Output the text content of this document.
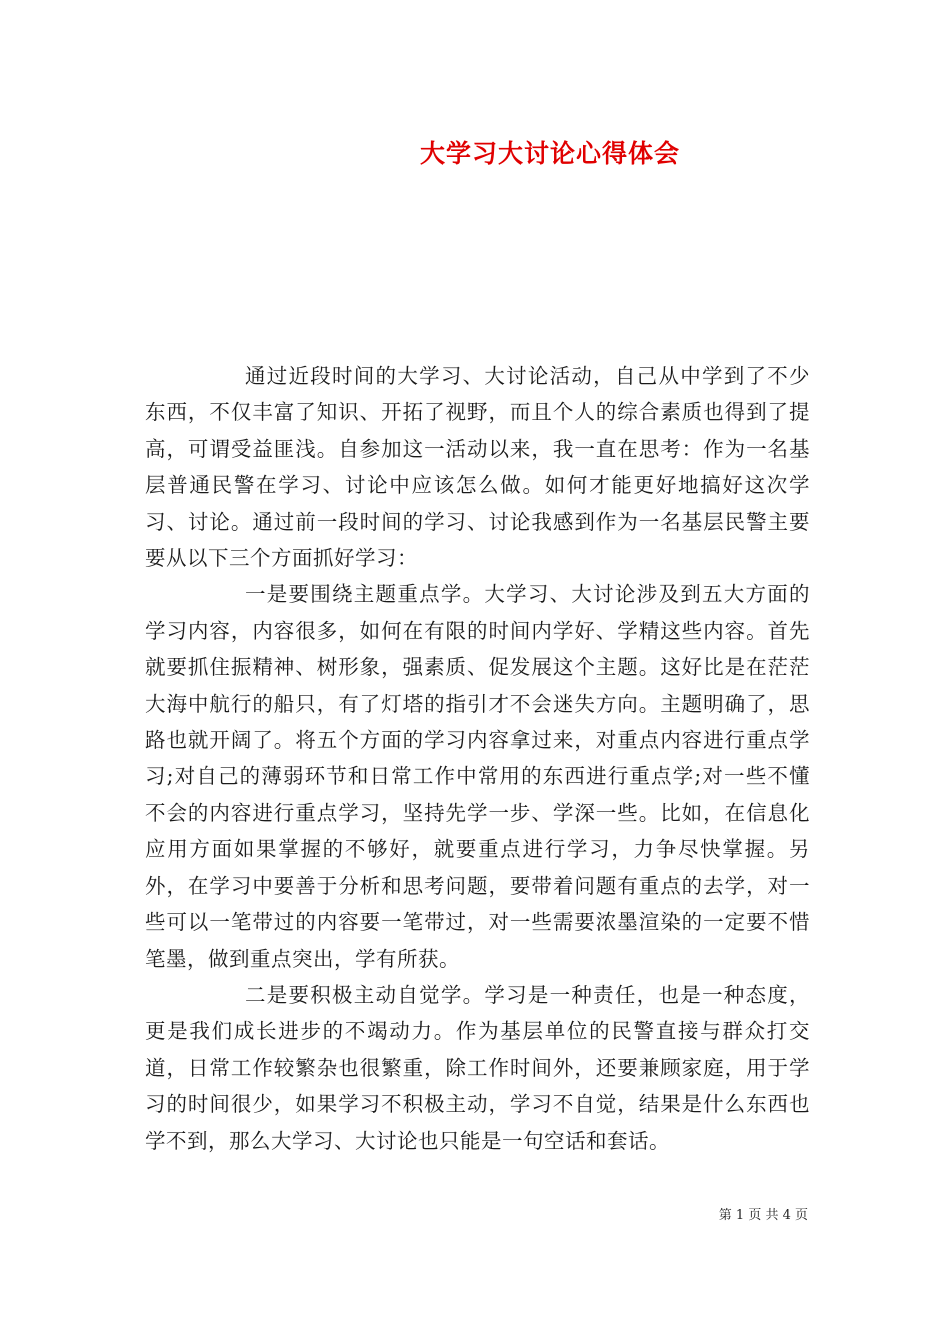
大学习大讨论心得体会

通过近段时间的大学习、大讨论活动，自己从中学到了不少东西，不仅丰富了知识、开拓了视野，而且个人的综合素质也得到了提高，可谓受益匪浅。自参加这一活动以来，我一直在思考：作为一名基层普通民警在学习、讨论中应该怎么做。如何才能更好地搞好这次学习、讨论。通过前一段时间的学习、讨论我感到作为一名基层民警主要要从以下三个方面抓好学习：

一是要围绕主题重点学。大学习、大讨论涉及到五大方面的学习内容，内容很多，如何在有限的时间内学好、学精这些内容。首先就要抓住振精神、树形象，强素质、促发展这个主题。这好比是在茫茫大海中航行的船只，有了灯塔的指引才不会迷失方向。主题明确了，思路也就开阔了。将五个方面的学习内容拿过来，对重点内容进行重点学习;对自己的薄弱环节和日常工作中常用的东西进行重点学;对一些不懂不会的内容进行重点学习，坚持先学一步、学深一些。比如，在信息化应用方面如果掌握的不够好，就要重点进行学习，力争尽快掌握。另外，在学习中要善于分析和思考问题，要带着问题有重点的去学，对一些可以一笔带过的内容要一笔带过，对一些需要浓墨渲染的一定要不惜笔墨，做到重点突出，学有所获。

二是要积极主动自觉学。学习是一种责任，也是一种态度，更是我们成长进步的不竭动力。作为基层单位的民警直接与群众打交道，日常工作较繁杂也很繁重，除工作时间外，还要兼顾家庭，用于学习的时间很少，如果学习不积极主动，学习不自觉，结果是什么东西也学不到，那么大学习、大讨论也只能是一句空话和套话。

第 1 页 共 4 页
